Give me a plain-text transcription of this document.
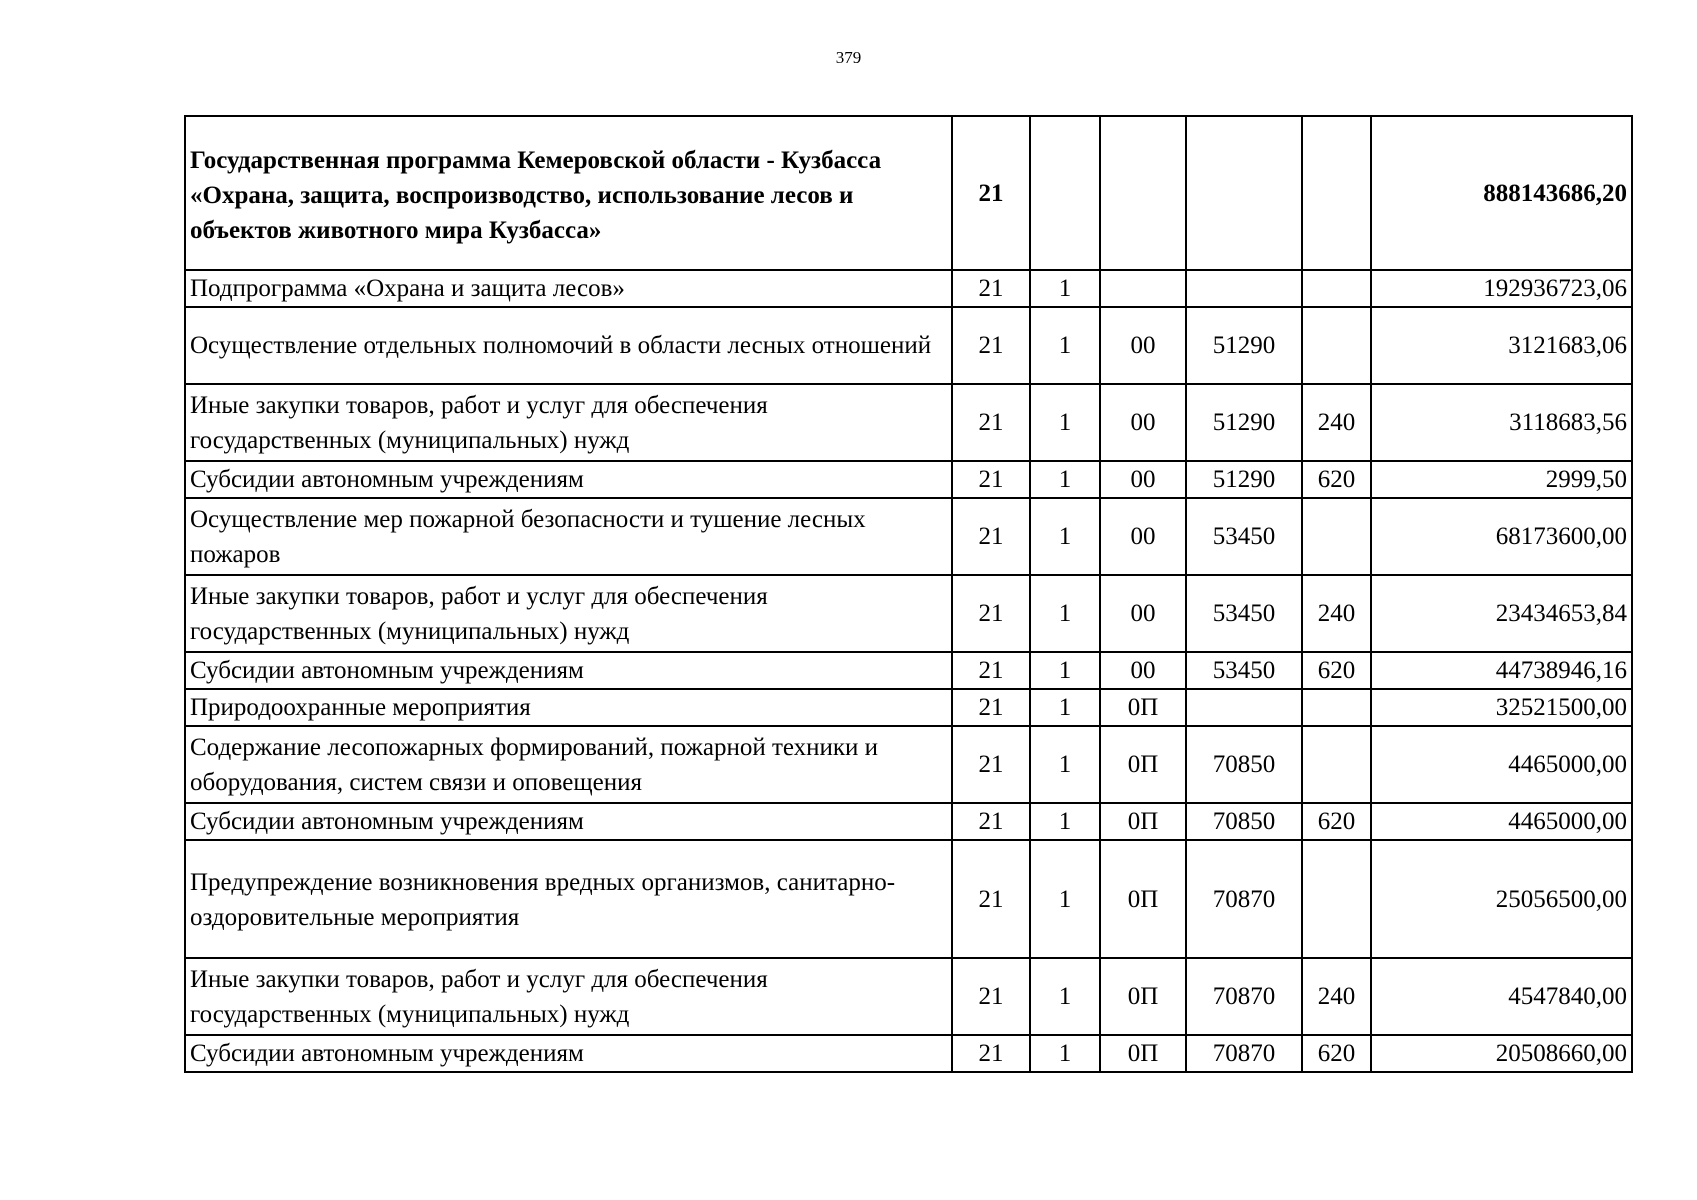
379
Государственная программа Кемеровской области - Кузбасса «Охрана, защита, воспроизводство, использование лесов и объектов животного мира Кузбасса»	21					888143686,20
Подпрограмма «Охрана и защита лесов»	21	1				192936723,06
Осуществление отдельных полномочий в области лесных отношений	21	1	00	51290		3121683,06
Иные закупки товаров, работ и услуг для обеспечения государственных (муниципальных) нужд	21	1	00	51290	240	3118683,56
Субсидии автономным учреждениям	21	1	00	51290	620	2999,50
Осуществление мер пожарной безопасности и тушение лесных пожаров	21	1	00	53450		68173600,00
Иные закупки товаров, работ и услуг для обеспечения государственных (муниципальных) нужд	21	1	00	53450	240	23434653,84
Субсидии автономным учреждениям	21	1	00	53450	620	44738946,16
Природоохранные мероприятия	21	1	0П			32521500,00
Содержание лесопожарных формирований, пожарной техники и оборудования, систем связи и оповещения	21	1	0П	70850		4465000,00
Субсидии автономным учреждениям	21	1	0П	70850	620	4465000,00
Предупреждение возникновения вредных организмов, санитарно-оздоровительные мероприятия	21	1	0П	70870		25056500,00
Иные закупки товаров, работ и услуг для обеспечения государственных (муниципальных) нужд	21	1	0П	70870	240	4547840,00
Субсидии автономным учреждениям	21	1	0П	70870	620	20508660,00
